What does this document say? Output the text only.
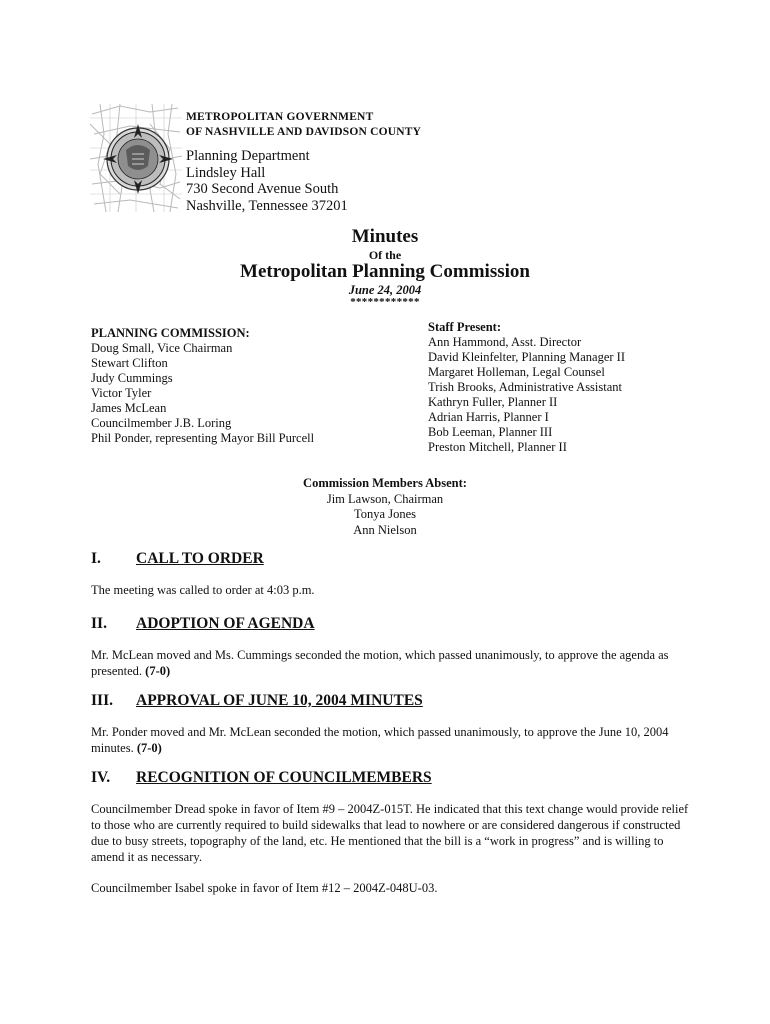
METROPOLITAN GOVERNMENT
OF NASHVILLE AND DAVIDSON COUNTY
Planning Department
Lindsley Hall
730 Second Avenue South
Nashville, Tennessee 37201
Minutes
Of the
Metropolitan Planning Commission
June 24, 2004
************
PLANNING COMMISSION:
Doug Small, Vice Chairman
Stewart Clifton
Judy Cummings
Victor Tyler
James McLean
Councilmember J.B. Loring
Phil Ponder, representing Mayor Bill Purcell
Staff Present:
Ann Hammond, Asst. Director
David Kleinfelter, Planning Manager II
Margaret Holleman, Legal Counsel
Trish Brooks, Administrative Assistant
Kathryn Fuller, Planner II
Adrian Harris, Planner I
Bob Leeman, Planner III
Preston Mitchell, Planner II
Commission Members Absent:
Jim Lawson, Chairman
Tonya Jones
Ann Nielson
I. CALL TO ORDER

The meeting was called to order at 4:03 p.m.

II. ADOPTION OF AGENDA

Mr. McLean moved and Ms. Cummings seconded the motion, which passed unanimously, to approve the agenda as presented. (7-0)

III. APPROVAL OF JUNE 10, 2004 MINUTES

Mr. Ponder moved and Mr. McLean seconded the motion, which passed unanimously, to approve the June 10, 2004 minutes. (7-0)

IV. RECOGNITION OF COUNCILMEMBERS

Councilmember Dread spoke in favor of Item #9 – 2004Z-015T. He indicated that this text change would provide relief to those who are currently required to build sidewalks that lead to nowhere or are considered dangerous if constructed due to busy streets, topography of the land, etc. He mentioned that the bill is a “work in progress” and is willing to amend it as necessary.

Councilmember Isabel spoke in favor of Item #12 – 2004Z-048U-03.
